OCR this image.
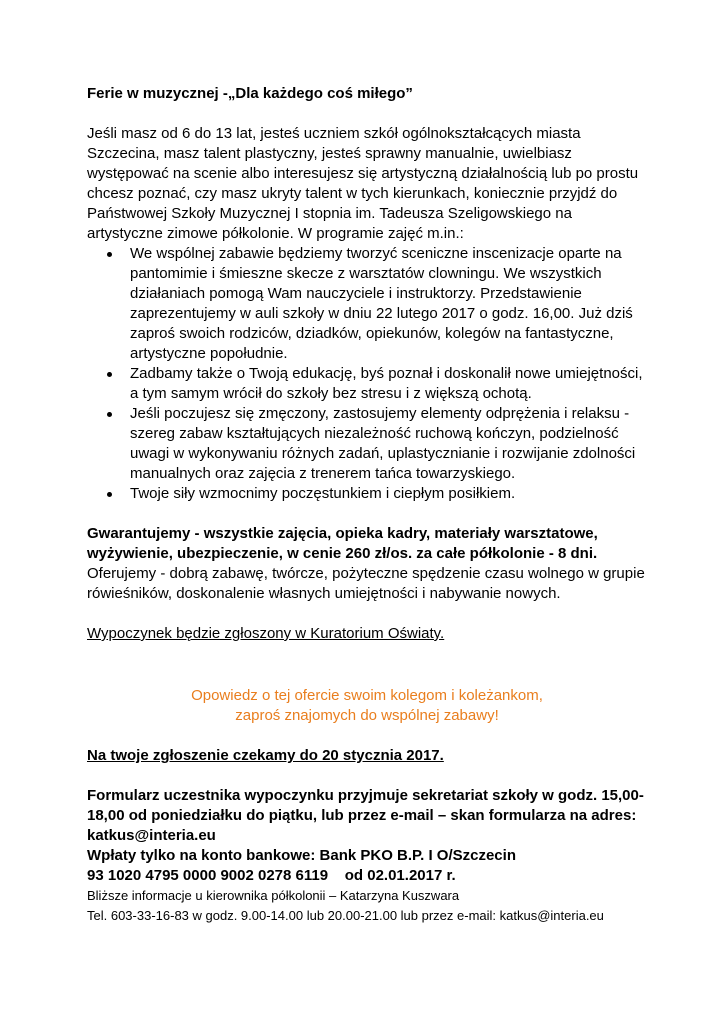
Ferie w muzycznej -„Dla każdego coś miłego”

Jeśli masz od 6 do 13 lat, jesteś uczniem szkół ogólnokształcących miasta Szczecina, masz talent plastyczny, jesteś sprawny manualnie, uwielbiasz występować na scenie albo interesujesz się artystyczną działalnością lub po prostu chcesz poznać, czy masz ukryty talent w tych kierunkach, koniecznie przyjdź do Państwowej Szkoły Muzycznej I stopnia im. Tadeusza Szeligowskiego na artystyczne zimowe półkolonie. W programie zajęć m.in.:

We wspólnej zabawie będziemy tworzyć sceniczne inscenizacje oparte na pantomimie i śmieszne skecze z warsztatów clowningu. We wszystkich działaniach pomogą Wam nauczyciele i instruktorzy. Przedstawienie zaprezentujemy w auli szkoły w dniu 22 lutego 2017 o godz. 16,00. Już dziś zaproś swoich rodziców, dziadków, opiekunów, kolegów na fantastyczne, artystyczne popołudnie.
Zadbamy także o Twoją edukację, byś poznał i doskonalił nowe umiejętności, a tym samym wrócił do szkoły bez stresu i z większą ochotą.
Jeśli poczujesz się zmęczony, zastosujemy elementy odprężenia i relaksu - szereg zabaw kształtujących niezależność ruchową kończyn, podzielność uwagi w wykonywaniu różnych zadań, uplastycznianie i rozwijanie zdolności manualnych oraz zajęcia z trenerem tańca towarzyskiego.
Twoje siły wzmocnimy poczęstunkiem i ciepłym posiłkiem.

Gwarantujemy - wszystkie zajęcia, opieka kadry, materiały warsztatowe, wyżywienie, ubezpieczenie, w cenie 260 zł/os. za całe półkolonie - 8 dni.

Oferujemy - dobrą zabawę, twórcze, pożyteczne spędzenie czasu wolnego w grupie rówieśników, doskonalenie własnych umiejętności i nabywanie nowych.

Wypoczynek będzie zgłoszony w Kuratorium Oświaty.

Opowiedz o tej ofercie swoim kolegom i koleżankom,

zaproś znajomych do wspólnej zabawy!

Na twoje zgłoszenie czekamy do 20 stycznia 2017.

Formularz uczestnika wypoczynku przyjmuje sekretariat szkoły w godz. 15,00-18,00 od poniedziałku do piątku, lub przez e-mail – skan formularza na adres: katkus@interia.eu

Wpłaty tylko na konto bankowe: Bank PKO B.P. I O/Szczecin

93 1020 4795 0000 9002 0278 6119    od 02.01.2017 r.

Bliższe informacje u kierownika półkolonii – Katarzyna Kuszwara

Tel. 603-33-16-83 w godz. 9.00-14.00 lub 20.00-21.00 lub przez e-mail: katkus@interia.eu
